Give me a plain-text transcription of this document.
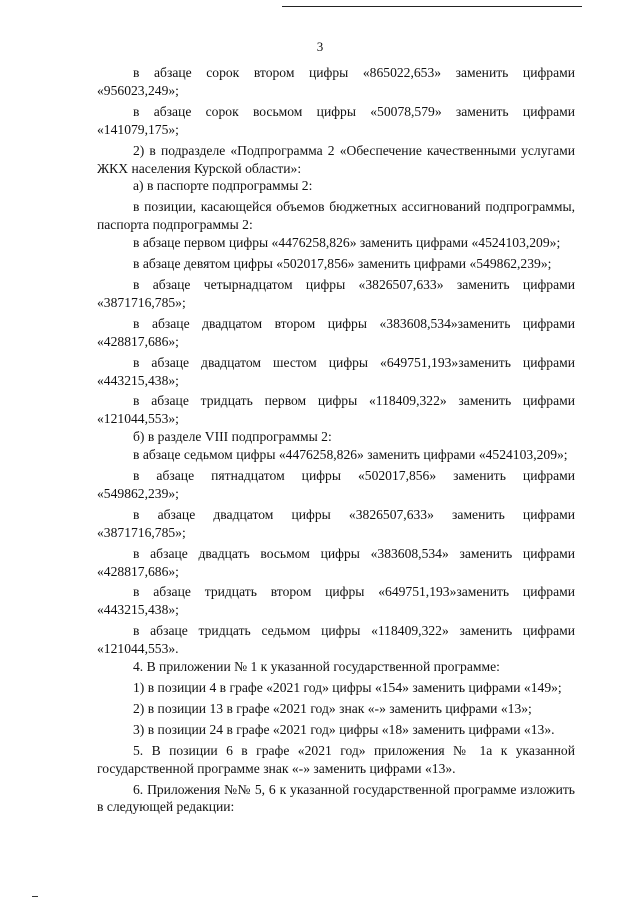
3

в абзаце сорок втором цифры «865022,653» заменить цифрами «956023,249»;

в абзаце сорок восьмом цифры «50078,579» заменить цифрами «141079,175»;

2) в подразделе «Подпрограмма 2 «Обеспечение качественными услугами ЖКХ населения Курской области»:

а) в паспорте подпрограммы 2:

в позиции, касающейся объемов бюджетных ассигнований подпрограммы, паспорта подпрограммы 2:

в абзаце первом цифры «4476258,826» заменить цифрами «4524103,209»;

в абзаце девятом цифры «502017,856» заменить цифрами «549862,239»;

в абзаце четырнадцатом цифры «3826507,633» заменить цифрами «3871716,785»;

в абзаце двадцатом втором цифры «383608,534»заменить цифрами «428817,686»;

в абзаце двадцатом шестом цифры «649751,193»заменить цифрами «443215,438»;

в абзаце тридцать первом цифры «118409,322» заменить цифрами «121044,553»;

б) в разделе VIII подпрограммы 2:

в абзаце седьмом цифры «4476258,826» заменить цифрами «4524103,209»;

в абзаце пятнадцатом цифры «502017,856» заменить цифрами «549862,239»;

в абзаце двадцатом цифры «3826507,633» заменить цифрами «3871716,785»;

в абзаце двадцать восьмом цифры «383608,534» заменить цифрами «428817,686»;

в абзаце тридцать втором цифры «649751,193»заменить цифрами «443215,438»;

в абзаце тридцать седьмом цифры «118409,322» заменить цифрами «121044,553».

4. В приложении № 1 к указанной государственной программе:

1) в позиции 4 в графе «2021 год» цифры «154» заменить цифрами «149»;

2) в позиции 13 в графе «2021 год» знак «-» заменить цифрами «13»;

3) в позиции 24 в графе «2021 год» цифры «18» заменить цифрами «13».

5. В позиции 6 в графе «2021 год» приложения № 1а к указанной государственной программе знак «-» заменить цифрами «13».

6. Приложения №№ 5, 6 к указанной государственной программе изложить в следующей редакции:
